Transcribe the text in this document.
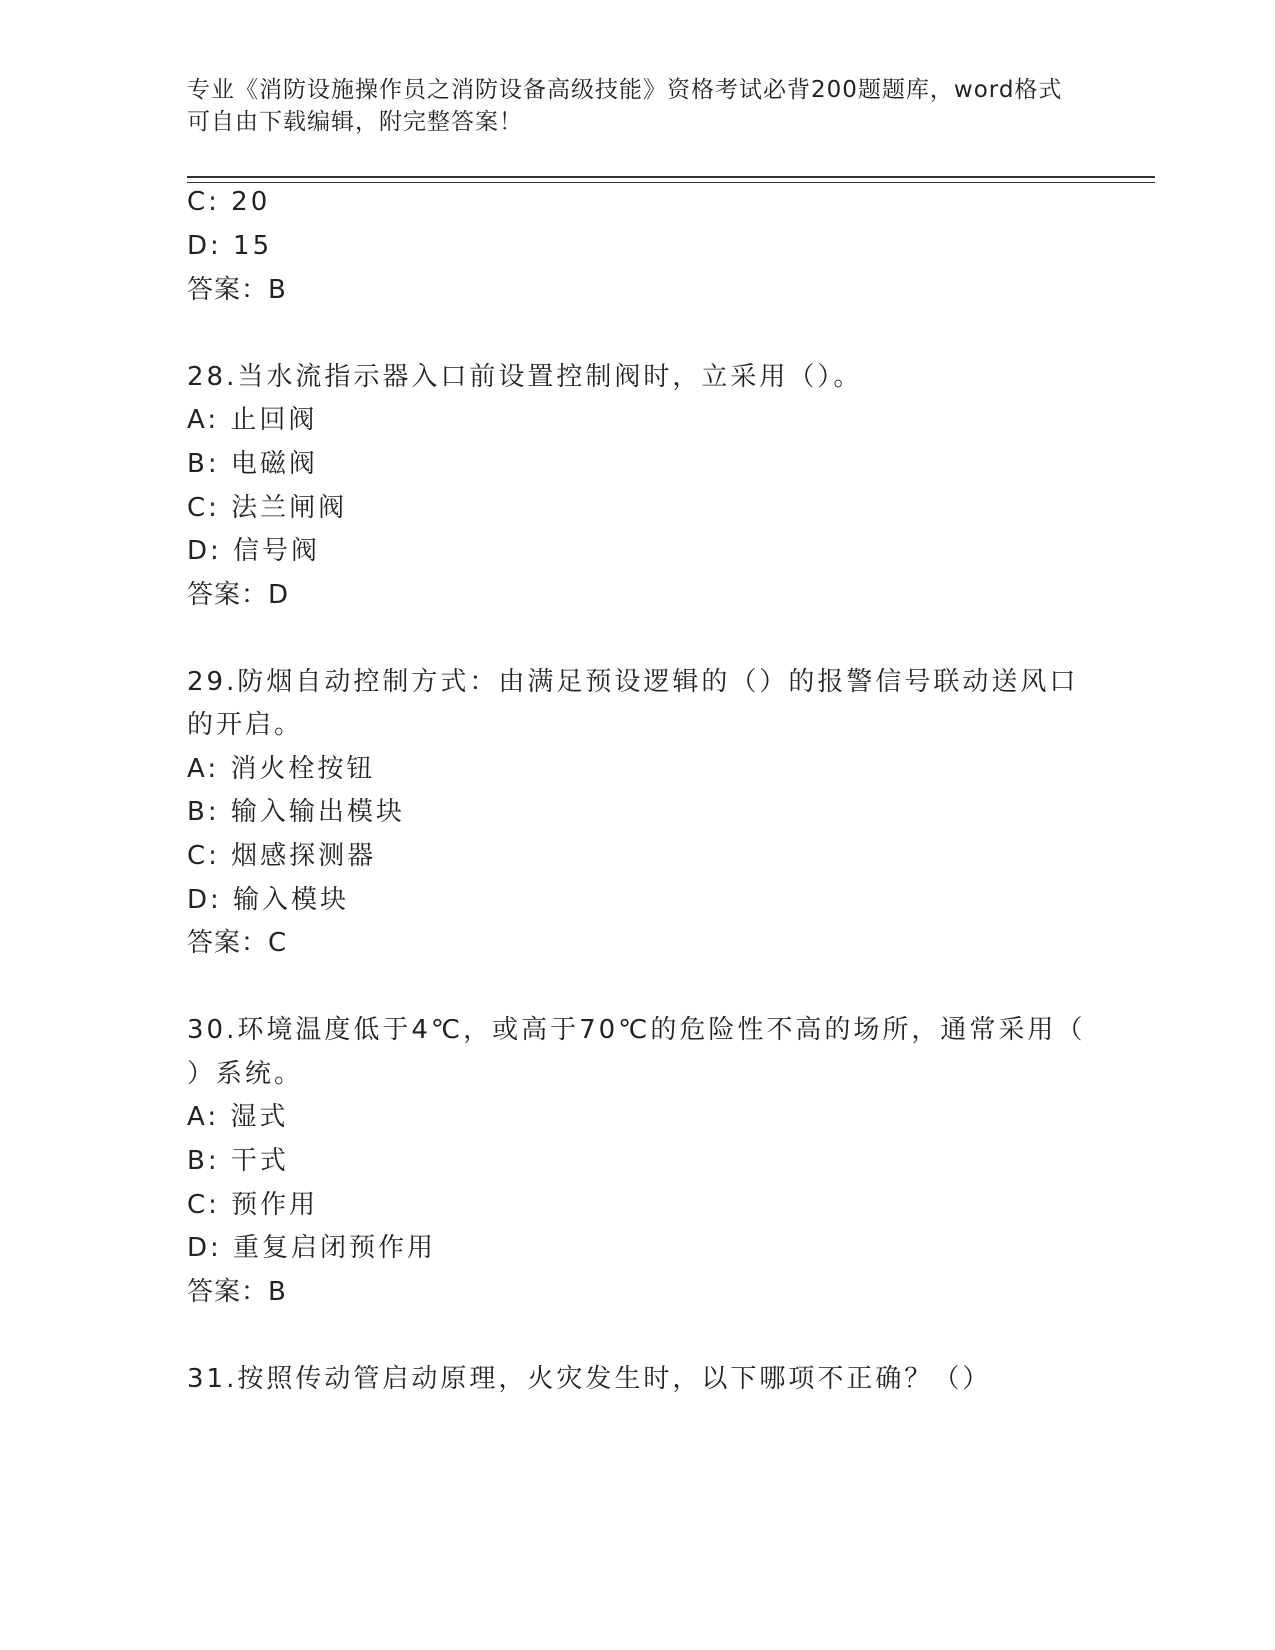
专业《消防设施操作员之消防设备高级技能》资格考试必背200题题库，word格式可自由下载编辑，附完整答案！
C: 20
D: 15
答案：B
28.当水流指示器入口前设置控制阀时，立采用（）。
A: 止回阀
B: 电磁阀
C: 法兰闸阀
D: 信号阀
答案：D
29.防烟自动控制方式：由满足预设逻辑的（）的报警信号联动送风口
的开启。
A: 消火栓按钮
B: 输入输出模块
C: 烟感探测器
D: 输入模块
答案：C
30.环境温度低于4℃，或高于70℃的危险性不高的场所，通常采用（
）系统。
A: 湿式
B: 干式
C: 预作用
D: 重复启闭预作用
答案：B
31.按照传动管启动原理，火灾发生时，以下哪项不正确？（）
